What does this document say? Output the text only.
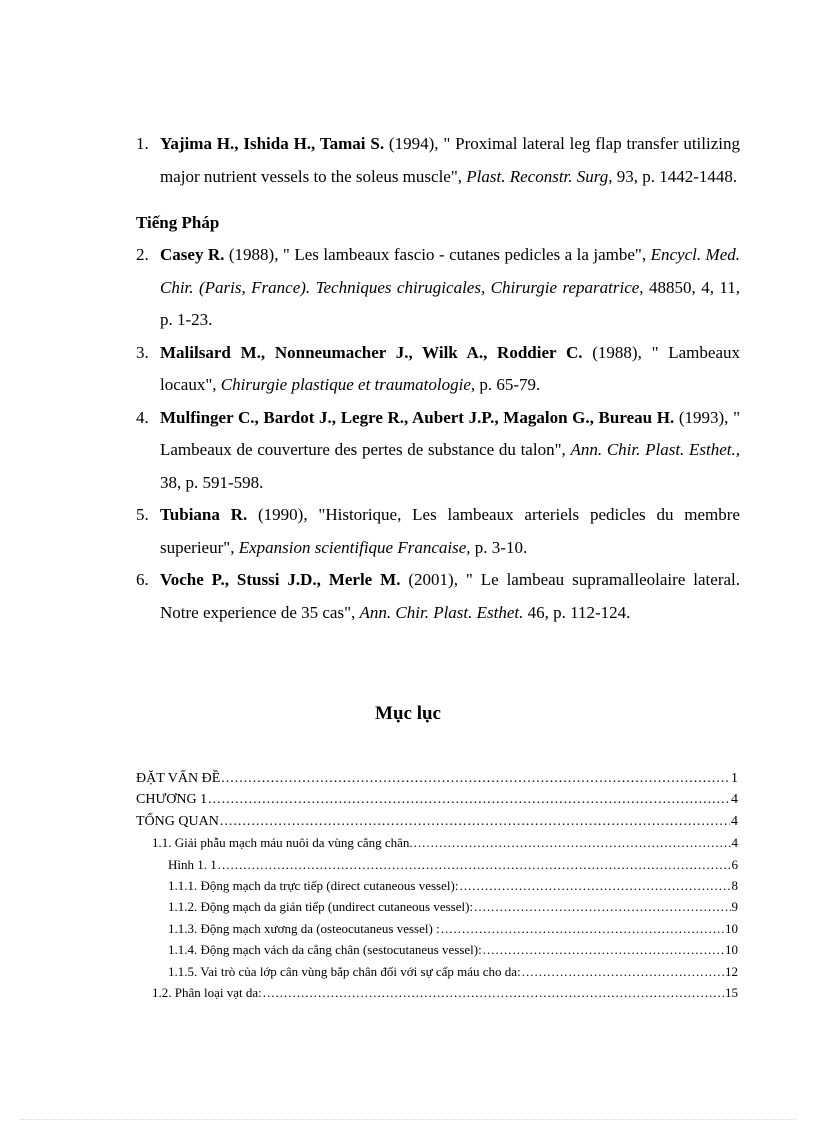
1. Yajima H., Ishida H., Tamai S. (1994), " Proximal lateral leg flap transfer utilizing major nutrient vessels to the soleus muscle", Plast. Reconstr. Surg, 93, p. 1442-1448.
Tiếng Pháp
2. Casey R. (1988), " Les lambeaux fascio - cutanes pedicles a la jambe", Encycl. Med. Chir. (Paris, France). Techniques chirugicales, Chirurgie reparatrice, 48850, 4, 11, p. 1-23.
3. Malilsard M., Nonneumacher J., Wilk A., Roddier C. (1988), " Lambeaux locaux", Chirurgie plastique et traumatologie, p. 65-79.
4. Mulfinger C., Bardot J., Legre R., Aubert J.P., Magalon G., Bureau H. (1993), " Lambeaux de couverture des pertes de substance du talon", Ann. Chir. Plast. Esthet., 38, p. 591-598.
5. Tubiana R. (1990), "Historique, Les lambeaux arteriels pedicles du membre superieur", Expansion scientifique Francaise, p. 3-10.
6. Voche P., Stussi J.D., Merle M. (2001), " Le lambeau supramalleolaire lateral. Notre experience de 35 cas", Ann. Chir. Plast. Esthet. 46, p. 112-124.
Mục lục
ĐẶT VẤN ĐỀ .....	1
CHƯƠNG 1 .....	4
TỔNG QUAN .....	4
1.1. Giải phẫu mạch máu nuôi da vùng cẳng chân. .....	4
Hình 1. 1 .....	6
1.1.1. Động mạch da trực tiếp (direct cutaneous vessel): .....	8
1.1.2. Động mạch da gián tiếp (undirect cutaneous vessel): .....	9
1.1.3. Động mạch xương da (osteocutaneus vessel) : .....	10
1.1.4. Động mạch vách da cẳng chân (sestocutaneus vessel): .....	10
1.1.5. Vai trò của lớp cân vùng bắp chân đối với sự cấp máu cho da: .....	12
1.2. Phân loại vạt da: .....	15
